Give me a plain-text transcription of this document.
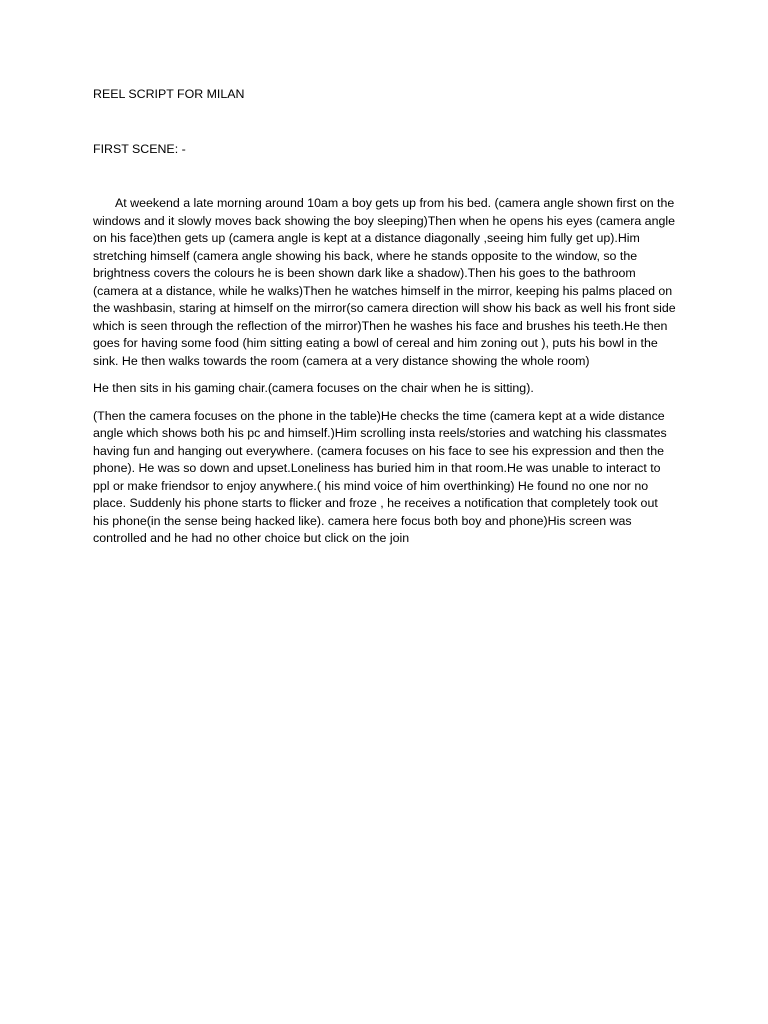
REEL SCRIPT FOR MILAN

FIRST SCENE: -

At weekend a late morning around 10am a boy gets up from his bed. (camera angle shown first on the windows and it slowly moves back showing the boy sleeping)Then when he opens his eyes (camera angle on his face)then gets up (camera angle is kept at a distance diagonally ,seeing him fully get up).Him stretching himself (camera angle showing his back, where he stands opposite to the window, so the brightness covers the colours he is been shown dark like a shadow).Then his goes to the bathroom (camera at a distance, while he walks)Then he watches himself in the mirror, keeping his palms placed on the washbasin, staring at himself on the mirror(so camera direction will show his back as well his front side which is seen through the reflection of the mirror)Then he washes his face and brushes his teeth.He then goes for having some food (him sitting eating a bowl of cereal and him zoning out ), puts his bowl in the sink. He then walks towards the room (camera at a very distance showing the whole room)

He then sits in his gaming chair.(camera focuses on the chair when he is sitting).

(Then the camera focuses on the phone in the table)He checks the time (camera kept at a wide distance angle which shows both his pc and himself.)Him scrolling insta reels/stories and watching his classmates having fun and hanging out everywhere. (camera focuses on his face to see his expression and then the phone). He was so down and upset.Loneliness has buried him in that room.He was unable to interact to ppl or make friendsor to enjoy anywhere.( his mind voice of him overthinking) He found no one nor no place. Suddenly his phone starts to flicker and froze , he receives a notification that completely took out his phone(in the sense being hacked like). camera here focus both boy and phone)His screen was controlled and he had no other choice but click on the join
